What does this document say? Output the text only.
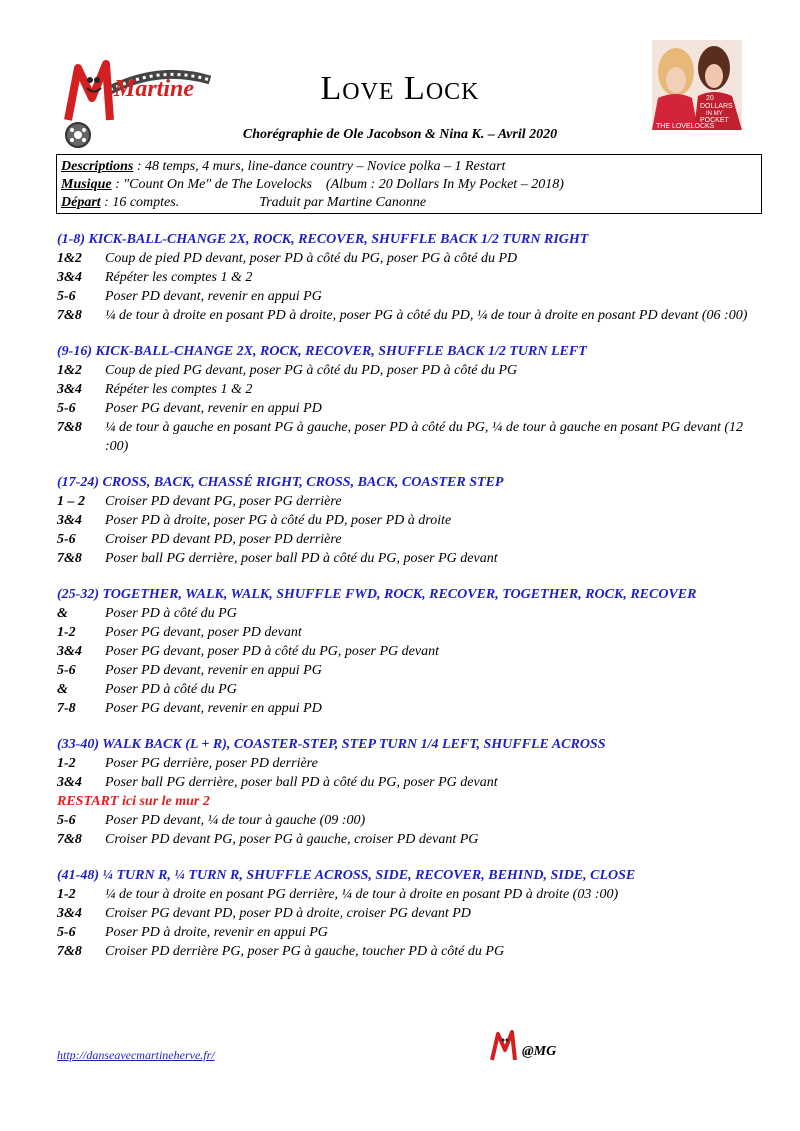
Martine	Love Lock	20
DOLLARS
IN MY
POCKET
THE LOVELOCKS
Chorégraphie de Ole Jacobson & Nina K. – Avril 2020
Descriptions : 48 temps, 4 murs, line-dance country – Novice polka – 1 Restart
Musique : "Count On Me" de The Lovelocks (Album : 20 Dollars In My Pocket – 2018)
Départ : 16 comptes.	Traduit par Martine Canonne
(1-8) KICK-BALL-CHANGE 2X, ROCK, RECOVER, SHUFFLE BACK 1/2 TURN RIGHT
1&2	Coup de pied PD devant, poser PD à côté du PG, poser PG à côté du PD
3&4	Répéter les comptes 1 & 2
5-6	Poser PD devant, revenir en appui PG
7&8	¼ de tour à droite en posant PD à droite, poser PG à côté du PD, ¼ de tour à droite en posant PD devant (06 :00)
(9-16) KICK-BALL-CHANGE 2X, ROCK, RECOVER, SHUFFLE BACK 1/2 TURN LEFT
1&2	Coup de pied PG devant, poser PG à côté du PD, poser PD à côté du PG
3&4	Répéter les comptes 1 & 2
5-6	Poser PG devant, revenir en appui PD
7&8	¼ de tour à gauche en posant PG à gauche, poser PD à côté du PG, ¼ de tour à gauche en posant PG devant (12 :00)
(17-24) CROSS, BACK, CHASSÉ RIGHT, CROSS, BACK, COASTER STEP
1 – 2	Croiser PD devant PG, poser PG derrière
3&4	Poser PD à droite, poser PG à côté du PD, poser PD à droite
5-6	Croiser PD devant PD, poser PD derrière
7&8	Poser ball PG derrière, poser ball PD à côté du PG, poser PG devant
(25-32) TOGETHER, WALK, WALK, SHUFFLE FWD, ROCK, RECOVER, TOGETHER, ROCK, RECOVER
&	Poser PD à côté du PG
1-2	Poser PG devant, poser PD devant
3&4	Poser PG devant, poser PD à côté du PG, poser PG devant
5-6	Poser PD devant, revenir en appui PG
&	Poser PD à côté du PG
7-8	Poser PG devant, revenir en appui PD
(33-40) WALK BACK (L + R), COASTER-STEP, STEP TURN 1/4 LEFT, SHUFFLE ACROSS
1-2	Poser PG derrière, poser PD derrière
3&4	Poser ball PG derrière, poser ball PD à côté du PG, poser PG devant
RESTART ici sur le mur 2
5-6	Poser PD devant, ¼ de tour à gauche (09 :00)
7&8	Croiser PD devant PG, poser PG à gauche, croiser PD devant PG
(41-48) ¼ TURN R, ¼ TURN R, SHUFFLE ACROSS, SIDE, RECOVER, BEHIND, SIDE, CLOSE
1-2	¼ de tour à droite en posant PG derrière, ¼ de tour à droite en posant PD à droite (03 :00)
3&4	Croiser PG devant PD, poser PD à droite, croiser PG devant PD
5-6	Poser PD à droite, revenir en appui PG
7&8	Croiser PD derrière PG, poser PG à gauche, toucher PD à côté du PG
http://danseavecmartineherve.fr/	@MG
